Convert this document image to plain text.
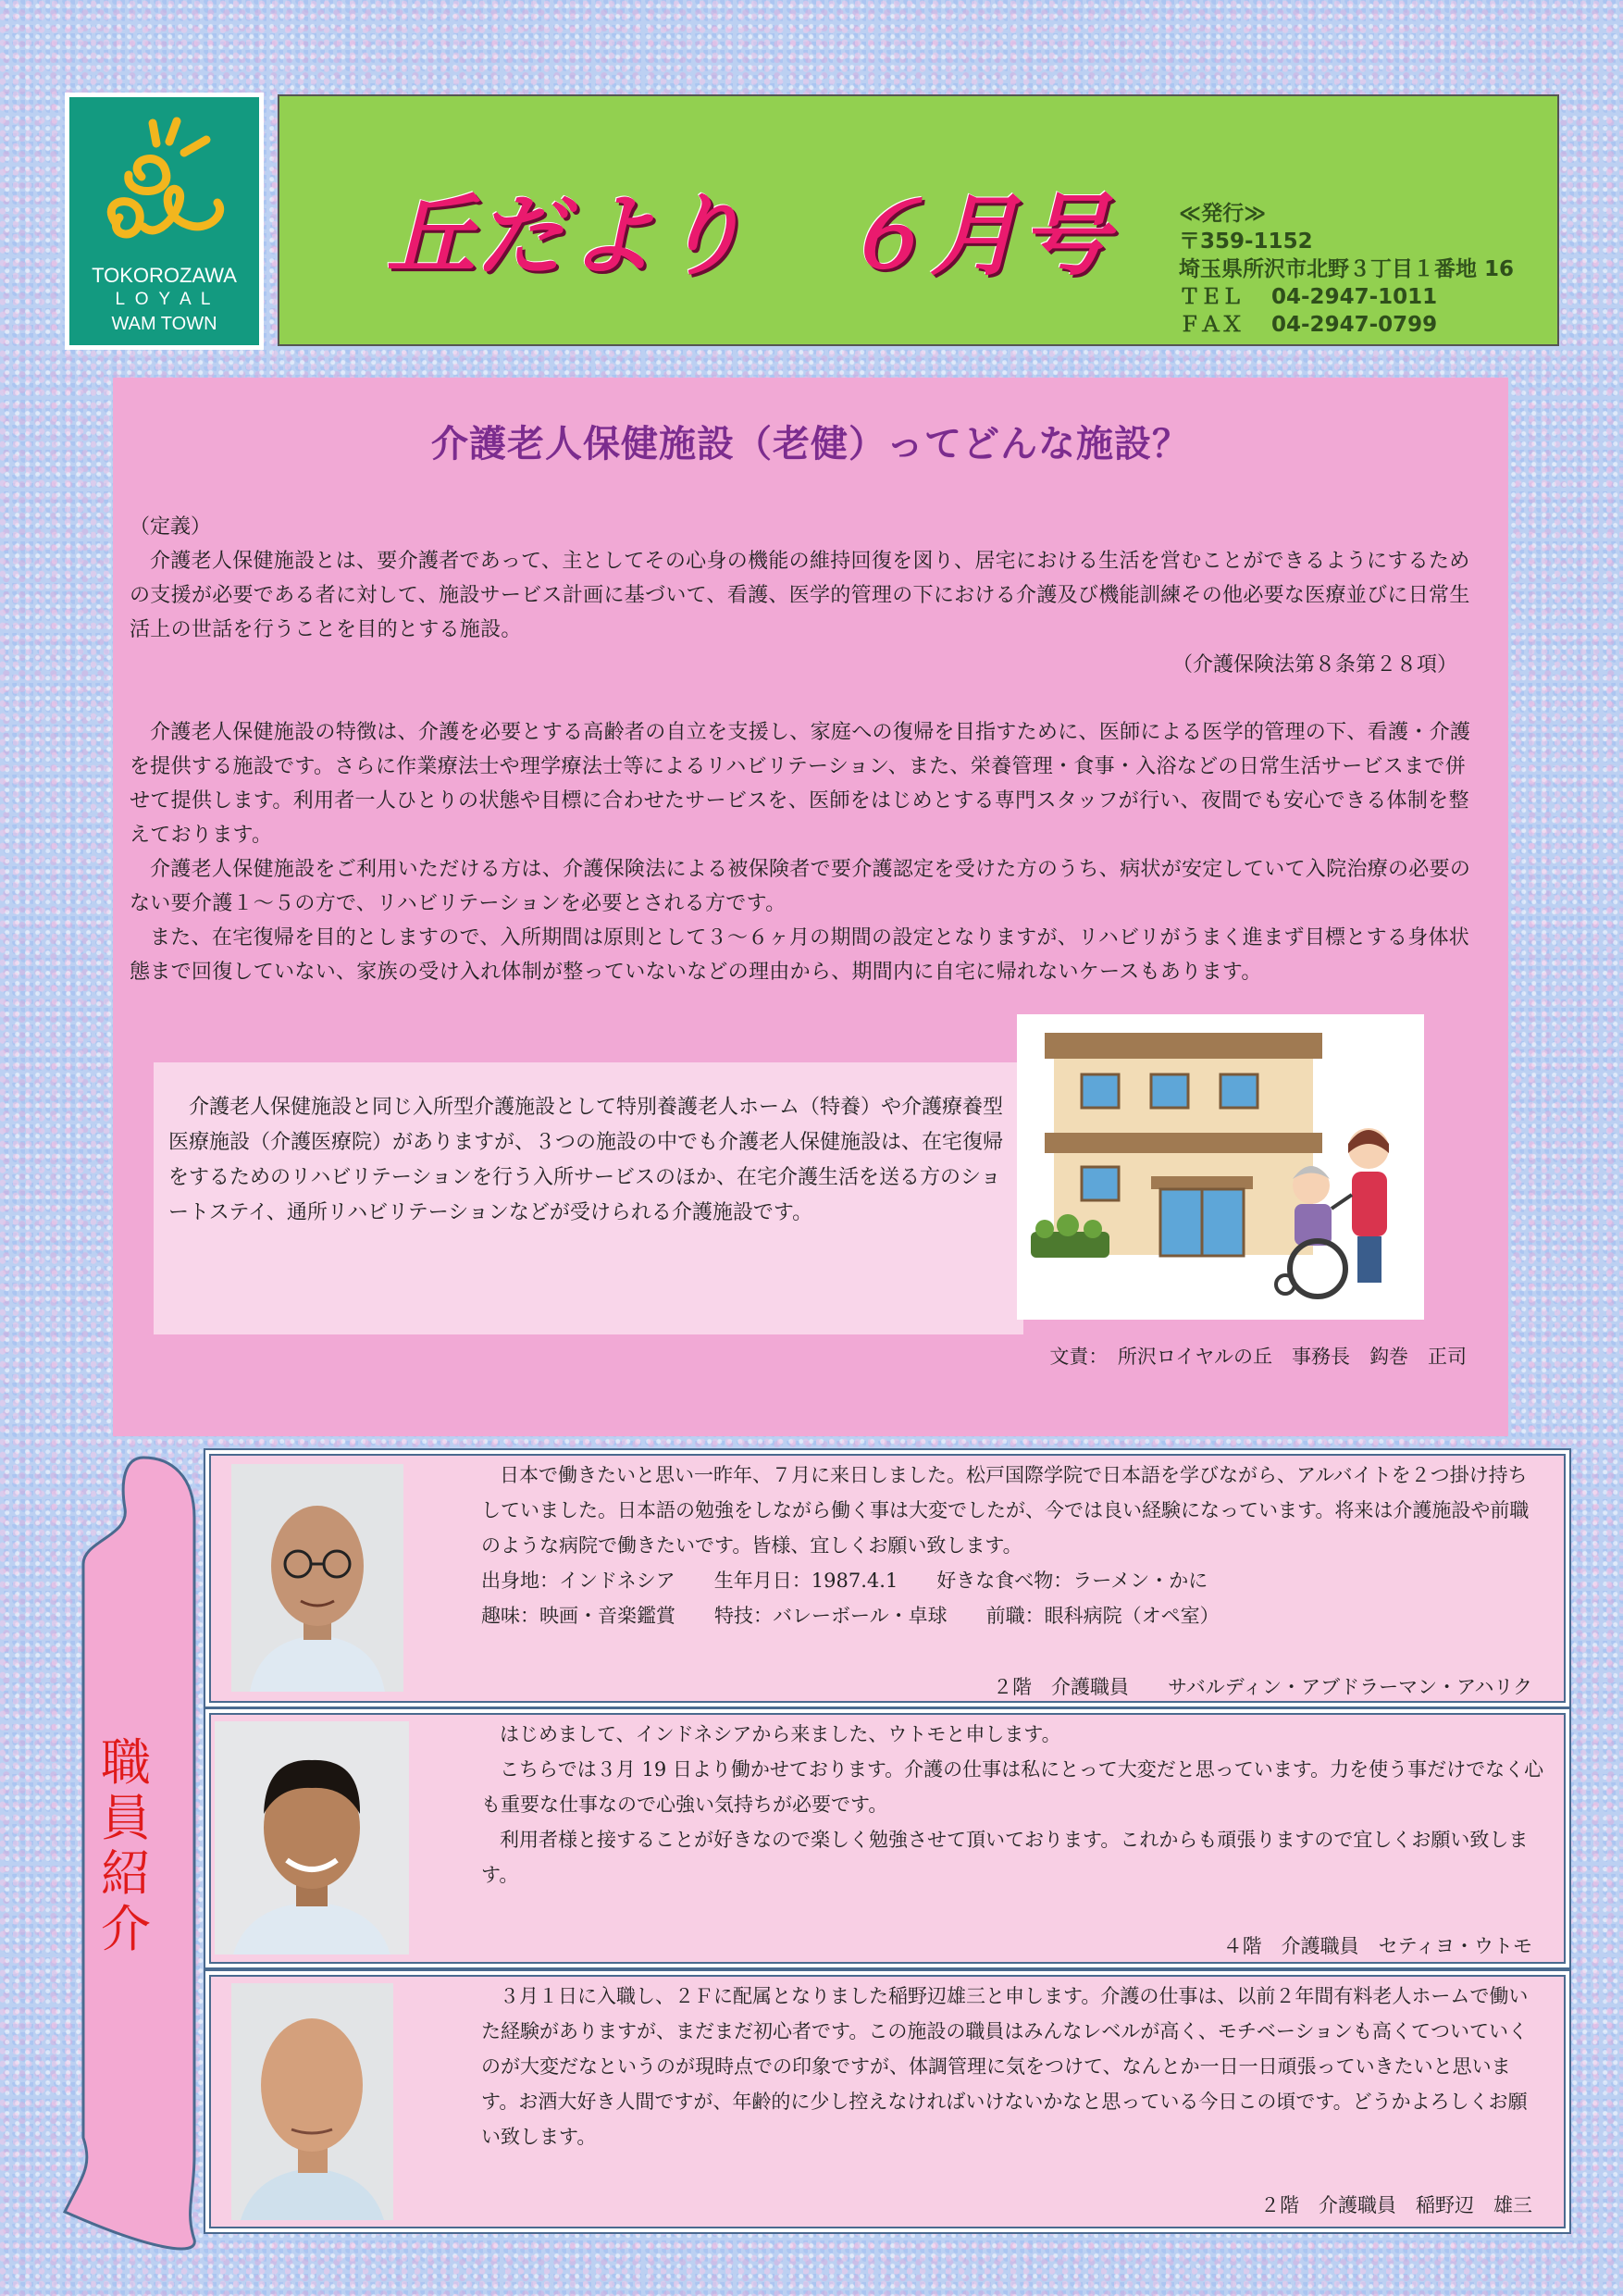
TOKOROZAWA
L O Y A L
WAM TOWN
丘だより　６月号	≪発行≫
〒359-1152
埼玉県所沢市北野３丁目１番地 16
ＴＥＬ　 04-2947-1011
ＦＡＸ　 04-2947-0799
介護老人保健施設（老健）ってどんな施設？
（定義）
介護老人保健施設とは、要介護者であって、主としてその心身の機能の維持回復を図り、居宅における生活を営むことができるようにするための支援が必要である者に対して、施設サービス計画に基づいて、看護、医学的管理の下における介護及び機能訓練その他必要な医療並びに日常生活上の世話を行うことを目的とする施設。
（介護保険法第８条第２８項）
介護老人保健施設の特徴は、介護を必要とする高齢者の自立を支援し、家庭への復帰を目指すために、医師による医学的管理の下、看護・介護を提供する施設です。さらに作業療法士や理学療法士等によるリハビリテーション、また、栄養管理・食事・入浴などの日常生活サービスまで併せて提供します。利用者一人ひとりの状態や目標に合わせたサービスを、医師をはじめとする専門スタッフが行い、夜間でも安心できる体制を整えております。
介護老人保健施設をご利用いただける方は、介護保険法による被保険者で要介護認定を受けた方のうち、病状が安定していて入院治療の必要のない要介護１～５の方で、リハビリテーションを必要とされる方です。
また、在宅復帰を目的としますので、入所期間は原則として３～６ヶ月の期間の設定となりますが、リハビリがうまく進まず目標とする身体状態まで回復していない、家族の受け入れ体制が整っていないなどの理由から、期間内に自宅に帰れないケースもあります。
介護老人保健施設と同じ入所型介護施設として特別養護老人ホーム（特養）や介護療養型医療施設（介護医療院）がありますが、３つの施設の中でも介護老人保健施設は、在宅復帰をするためのリハビリテーションを行う入所サービスのほか、在宅介護生活を送る方のショートステイ、通所リハビリテーションなどが受けられる介護施設です。
文責：　所沢ロイヤルの丘　事務長　鈎巻　正司
職
員
紹
介

日本で働きたいと思い一昨年、７月に来日しました。松戸国際学院で日本語を学びながら、アルバイトを２つ掛け持ちしていました。日本語の勉強をしながら働く事は大変でしたが、今では良い経験になっています。将来は介護施設や前職のような病院で働きたいです。皆様、宜しくお願い致します。

出身地：インドネシア　　生年月日：1987.4.1　　好きな食べ物：ラーメン・かに

趣味：映画・音楽鑑賞　　特技：バレーボール・卓球　　前職：眼科病院（オペ室）

２階　介護職員　　サバルディン・アブドラーマン・アハリク

はじめまして、インドネシアから来ました、ウトモと申します。

こちらでは３月 19 日より働かせております。介護の仕事は私にとって大変だと思っています。力を使う事だけでなく心も重要な仕事なので心強い気持ちが必要です。

利用者様と接することが好きなので楽しく勉強させて頂いております。これからも頑張りますので宜しくお願い致します。

４階　介護職員　セティヨ・ウトモ

３月１日に入職し、２Ｆに配属となりました稲野辺雄三と申します。介護の仕事は、以前２年間有料老人ホームで働いた経験がありますが、まだまだ初心者です。この施設の職員はみんなレベルが高く、モチベーションも高くてついていくのが大変だなというのが現時点での印象ですが、体調管理に気をつけて、なんとか一日一日頑張っていきたいと思います。お酒大好き人間ですが、年齢的に少し控えなければいけないかなと思っている今日この頃です。どうかよろしくお願い致します。

２階　介護職員　稲野辺　雄三
